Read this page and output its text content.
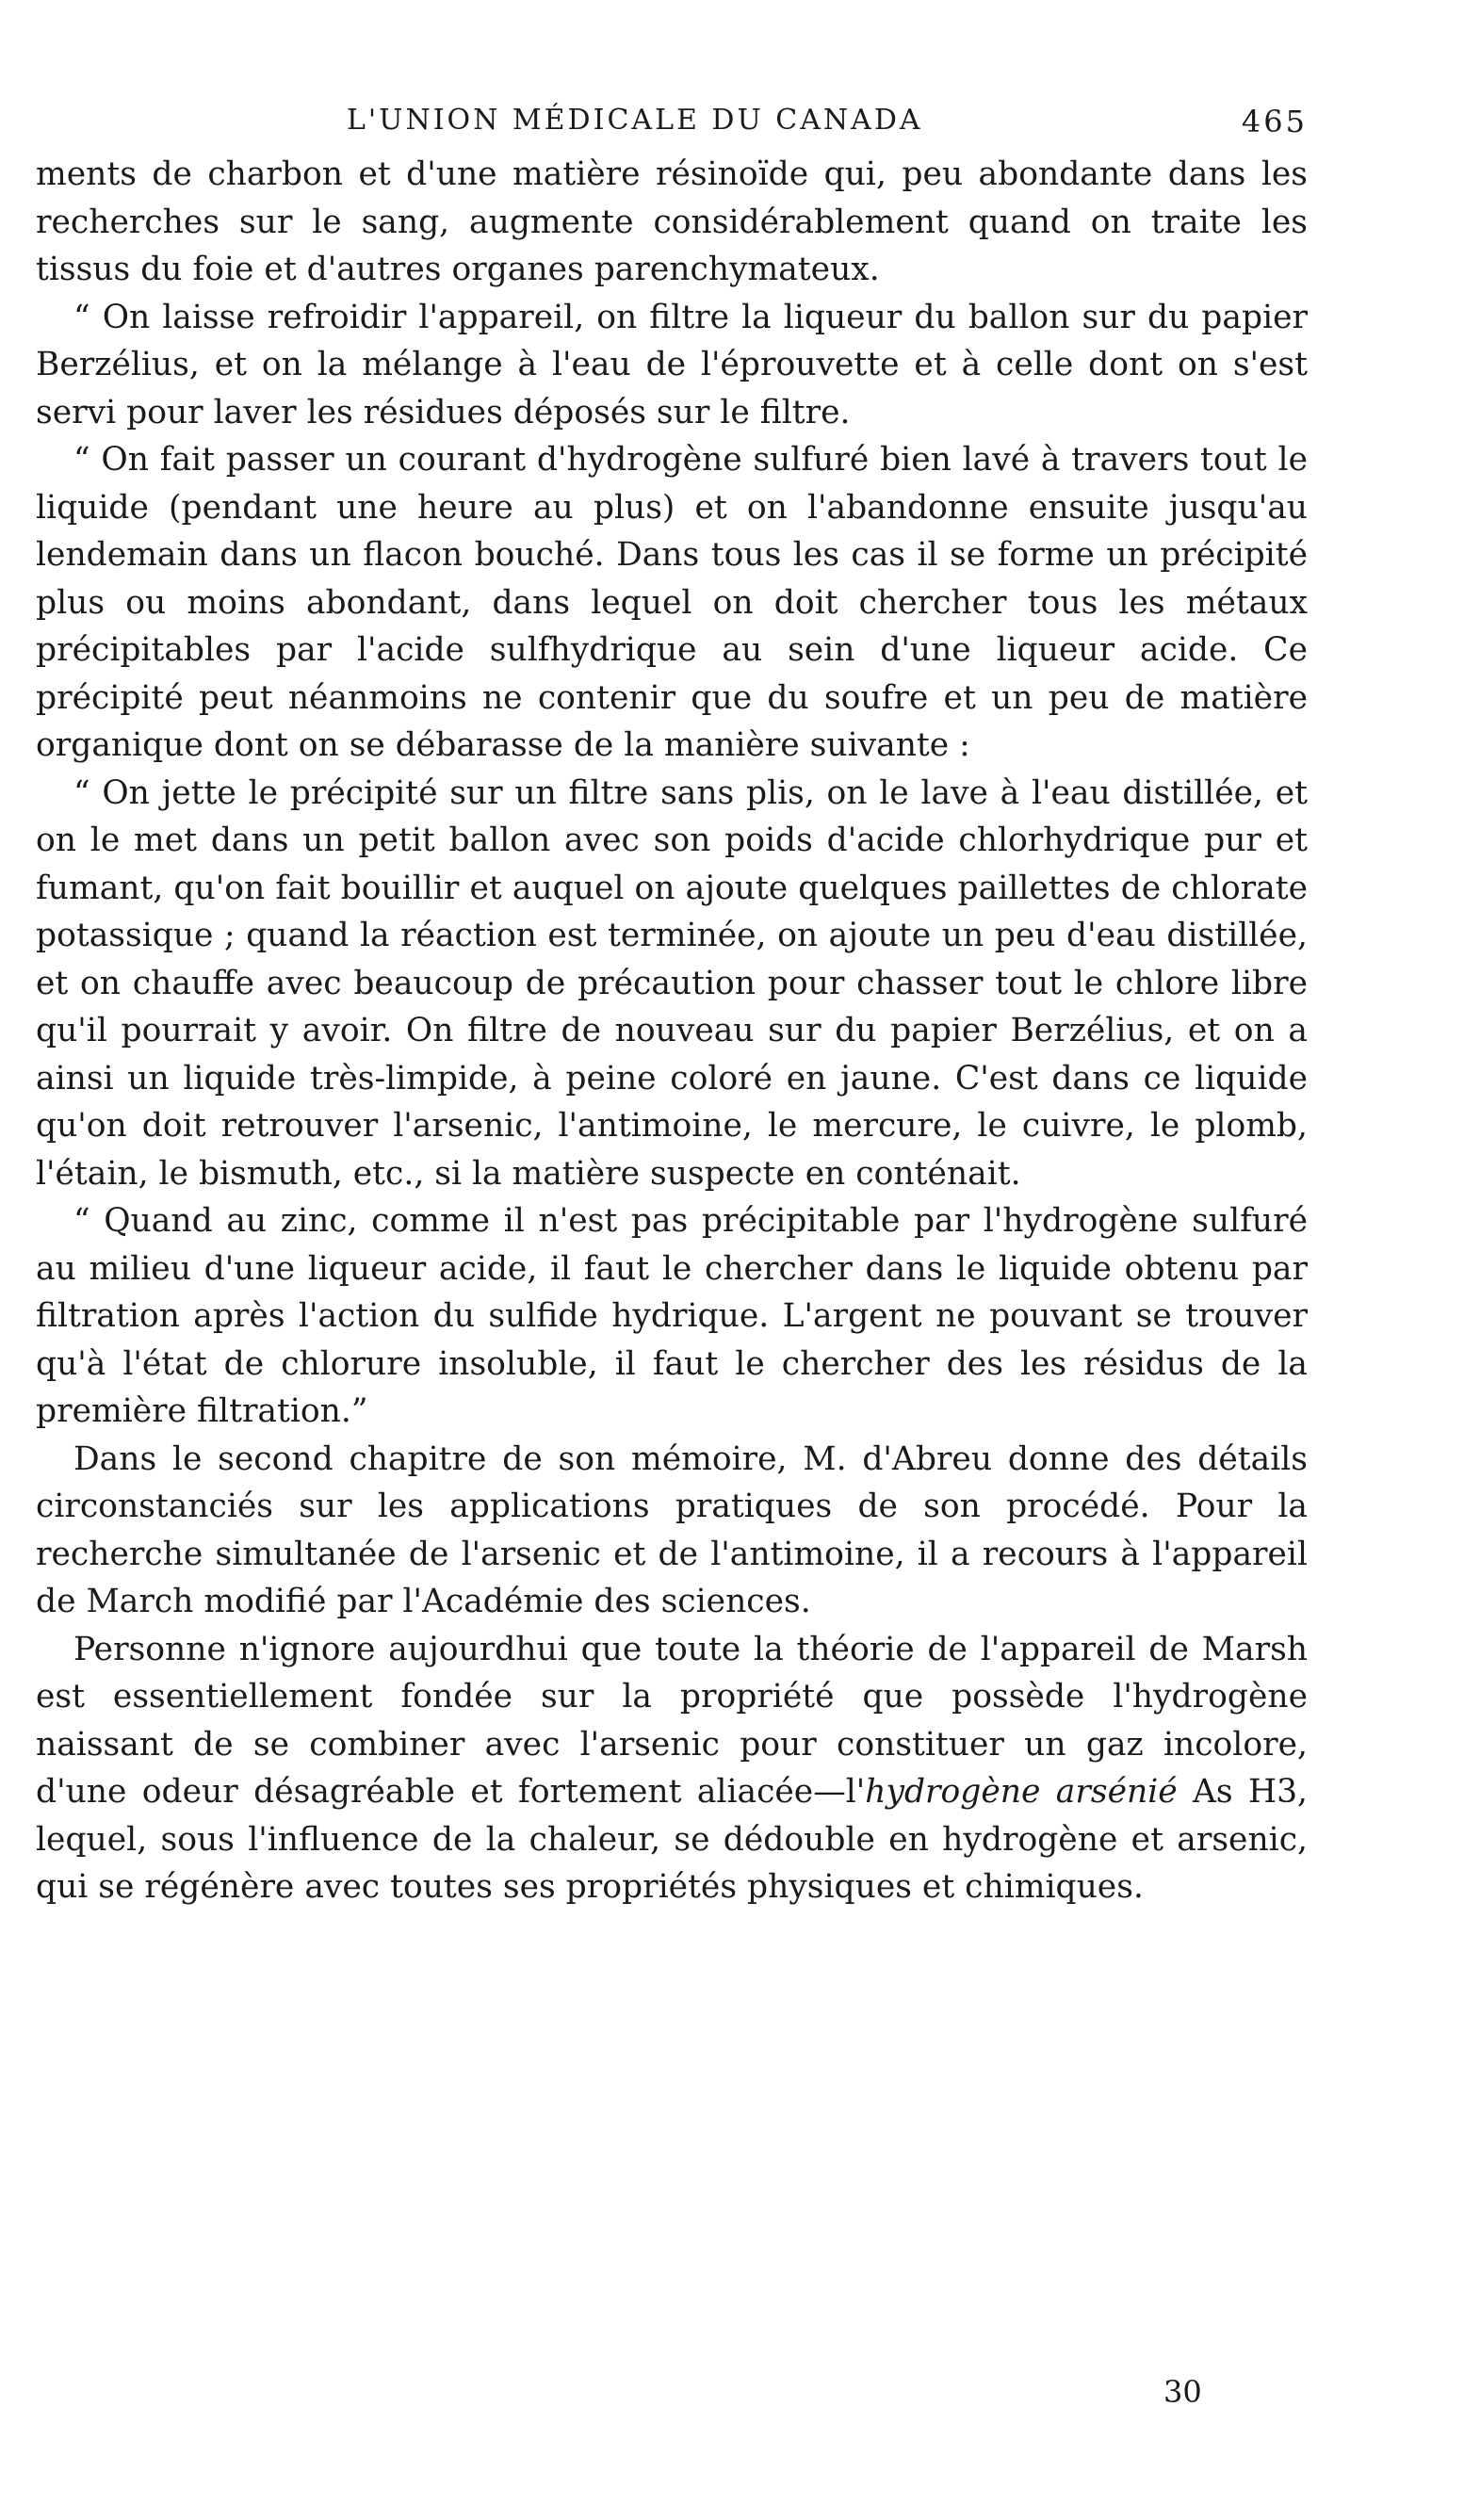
L'UNION MÉDICALE DU CANADA	465

ments de charbon et d'une matière résinoïde qui, peu abondante dans les recherches sur le sang, augmente considérablement quand on traite les tissus du foie et d'autres organes parenchymateux.

“ On laisse refroidir l'appareil, on filtre la liqueur du ballon sur du papier Berzélius, et on la mélange à l'eau de l'éprouvette et à celle dont on s'est servi pour laver les résidues déposés sur le filtre.

“ On fait passer un courant d'hydrogène sulfuré bien lavé à travers tout le liquide (pendant une heure au plus) et on l'abandonne ensuite jusqu'au lendemain dans un flacon bouché. Dans tous les cas il se forme un précipité plus ou moins abondant, dans lequel on doit chercher tous les métaux précipitables par l'acide sulfhydrique au sein d'une liqueur acide. Ce précipité peut néanmoins ne contenir que du soufre et un peu de matière organique dont on se débarasse de la manière suivante :

“ On jette le précipité sur un filtre sans plis, on le lave à l'eau distillée, et on le met dans un petit ballon avec son poids d'acide chlorhydrique pur et fumant, qu'on fait bouillir et auquel on ajoute quelques paillettes de chlorate potassique ; quand la réaction est terminée, on ajoute un peu d'eau distillée, et on chauffe avec beaucoup de précaution pour chasser tout le chlore libre qu'il pourrait y avoir. On filtre de nouveau sur du papier Berzélius, et on a ainsi un liquide très-limpide, à peine coloré en jaune. C'est dans ce liquide qu'on doit retrouver l'arsenic, l'antimoine, le mercure, le cuivre, le plomb, l'étain, le bismuth, etc., si la matière suspecte en conténait.

“ Quand au zinc, comme il n'est pas précipitable par l'hydrogène sulfuré au milieu d'une liqueur acide, il faut le chercher dans le liquide obtenu par filtration après l'action du sulfide hydrique. L'argent ne pouvant se trouver qu'à l'état de chlorure insoluble, il faut le chercher des les résidus de la première filtration.”

Dans le second chapitre de son mémoire, M. d'Abreu donne des détails circonstanciés sur les applications pratiques de son procédé. Pour la recherche simultanée de l'arsenic et de l'antimoine, il a recours à l'appareil de March modifié par l'Académie des sciences.

Personne n'ignore aujourdhui que toute la théorie de l'appareil de Marsh est essentiellement fondée sur la propriété que possède l'hydrogène naissant de se combiner avec l'arsenic pour constituer un gaz incolore, d'une odeur désagréable et fortement aliacée—l'hydrogène arsénié As H3, lequel, sous l'influence de la chaleur, se dédouble en hydrogène et arsenic, qui se régénère avec toutes ses propriétés physiques et chimiques.

30
